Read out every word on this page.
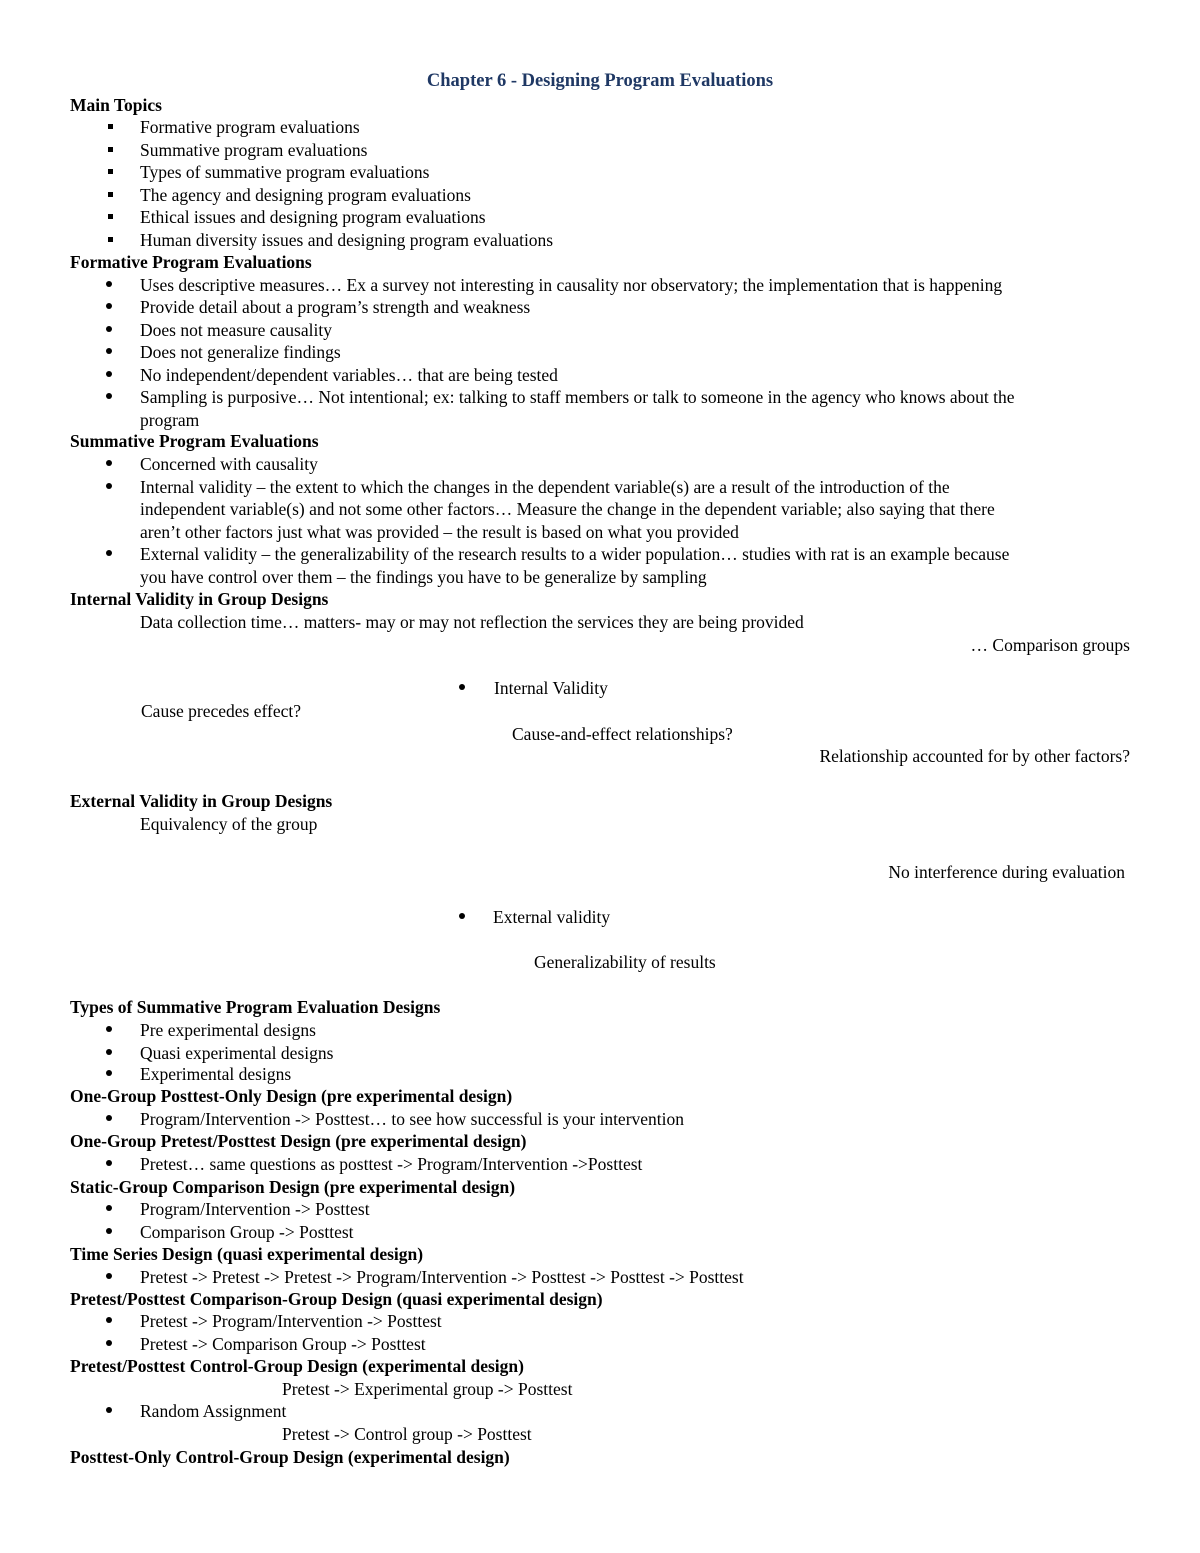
Chapter 6 - Designing Program Evaluations
Main Topics
Formative program evaluations
Summative program evaluations
Types of summative program evaluations
The agency and designing program evaluations
Ethical issues and designing program evaluations
Human diversity issues and designing program evaluations
Formative Program Evaluations
Uses descriptive measures… Ex a survey not interesting in causality nor observatory; the implementation that is happening
Provide detail about a program’s strength and weakness
Does not measure causality
Does not generalize findings
No independent/dependent variables… that are being tested
Sampling is purposive… Not intentional; ex: talking to staff members or talk to someone in the agency who knows about the
program
Summative Program Evaluations
Concerned with causality
Internal validity – the extent to which the changes in the dependent variable(s) are a result of the introduction of the
independent variable(s) and not some other factors… Measure the change in the dependent variable; also saying that there
aren’t other factors just what was provided – the result is based on what you provided
External validity – the generalizability of the research results to a wider population… studies with rat is an example because
you have control over them – the findings you have to be generalize by sampling
Internal Validity in Group Designs
Data collection time… matters- may or may not reflection the services they are being provided
… Comparison groups
Internal Validity
Cause precedes effect?
Cause-and-effect relationships?
Relationship accounted for by other factors?
External Validity in Group Designs
Equivalency of the group
No interference during evaluation
External validity
Generalizability of results
Types of Summative Program Evaluation Designs
Pre experimental designs
Quasi experimental designs
Experimental designs
One-Group Posttest-Only Design (pre experimental design)
Program/Intervention -> Posttest… to see how successful is your intervention
One-Group Pretest/Posttest Design (pre experimental design)
Pretest… same questions as posttest -> Program/Intervention ->Posttest
Static-Group Comparison Design (pre experimental design)
Program/Intervention -> Posttest
Comparison Group -> Posttest
Time Series Design (quasi experimental design)
Pretest -> Pretest -> Pretest -> Program/Intervention -> Posttest -> Posttest -> Posttest
Pretest/Posttest Comparison-Group Design (quasi experimental design)
Pretest -> Program/Intervention -> Posttest
Pretest -> Comparison Group -> Posttest
Pretest/Posttest Control-Group Design (experimental design)
Pretest -> Experimental group -> Posttest
Random Assignment
Pretest -> Control group -> Posttest
Posttest-Only Control-Group Design (experimental design)
